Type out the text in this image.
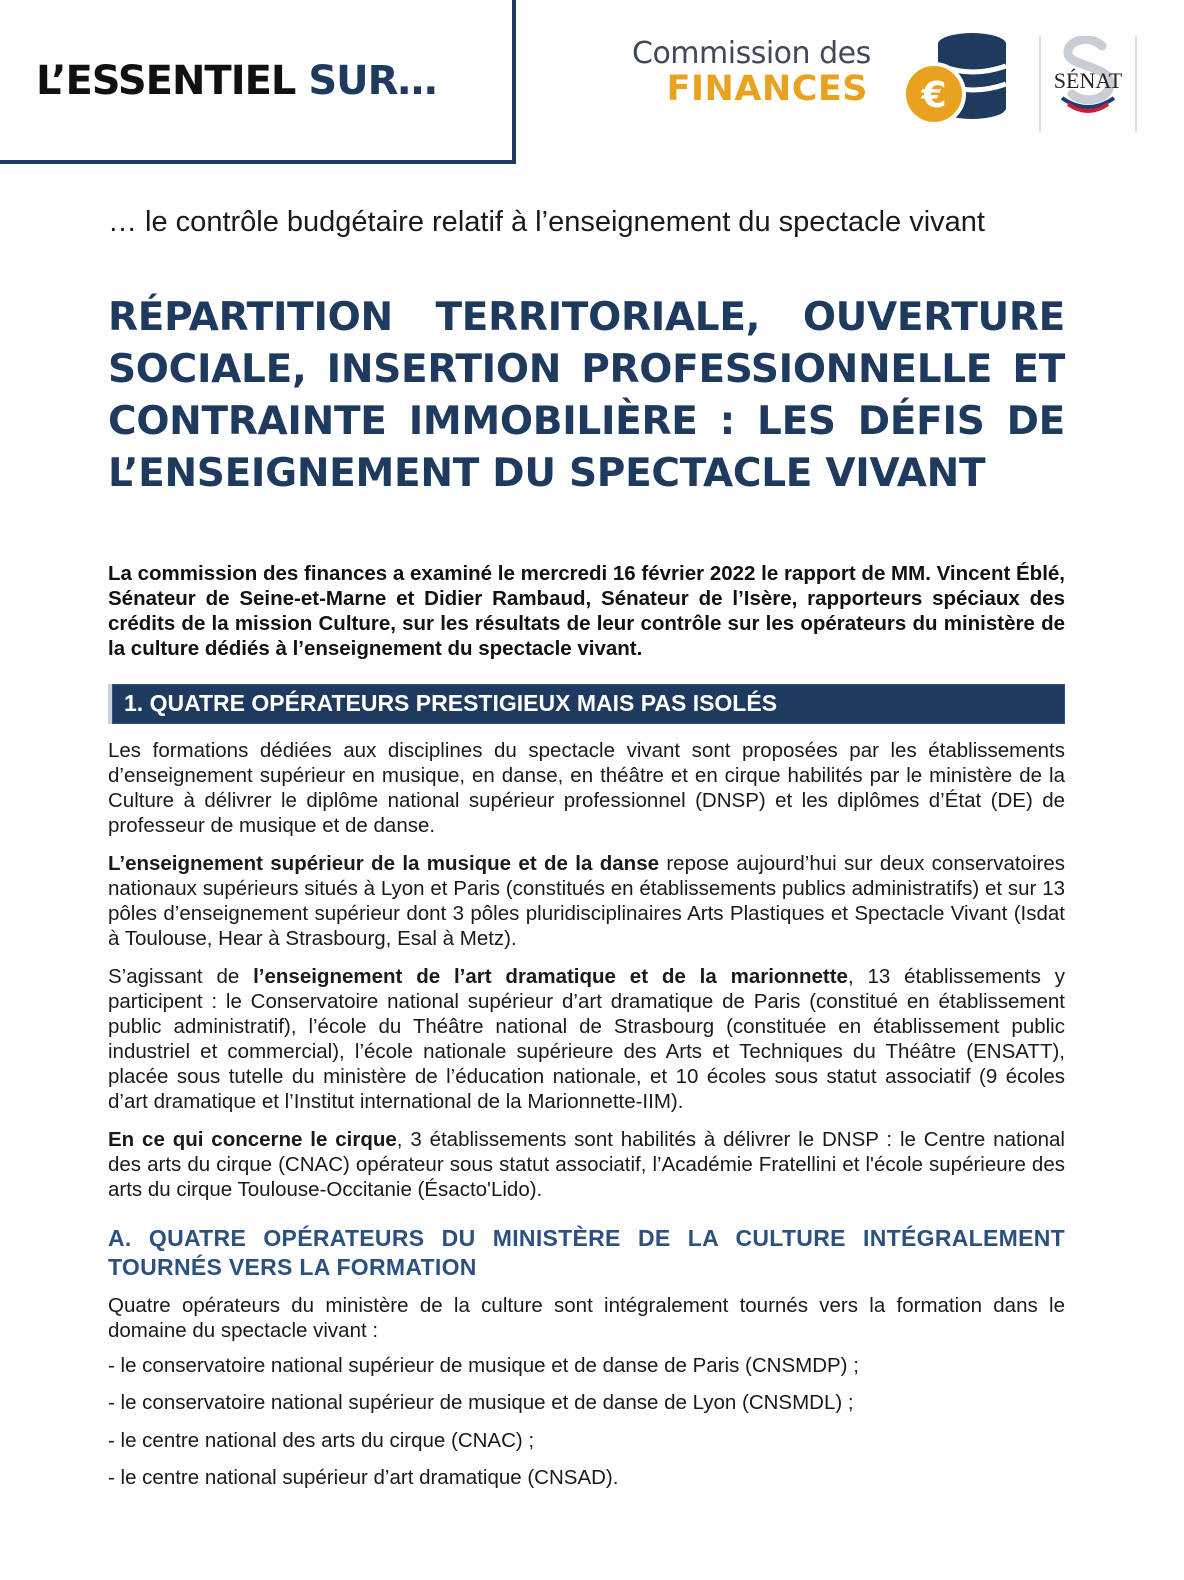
L’ESSENTIEL SUR…
Commission des
FINANCES €	SÉNAT
… le contrôle budgétaire relatif à l’enseignement du spectacle vivant
RÉPARTITION TERRITORIALE, OUVERTURE SOCIALE, INSERTION PROFESSIONNELLE ET CONTRAINTE IMMOBILIÈRE : LES DÉFIS DE L’ENSEIGNEMENT DU SPECTACLE VIVANT
La commission des finances a examiné le mercredi 16 février 2022 le rapport de MM. Vincent Éblé, Sénateur de Seine-et-Marne et Didier Rambaud, Sénateur de l’Isère, rapporteurs spéciaux des crédits de la mission Culture, sur les résultats de leur contrôle sur les opérateurs du ministère de la culture dédiés à l’enseignement du spectacle vivant.
1. QUATRE OPÉRATEURS PRESTIGIEUX MAIS PAS ISOLÉS
Les formations dédiées aux disciplines du spectacle vivant sont proposées par les établissements d’enseignement supérieur en musique, en danse, en théâtre et en cirque habilités par le ministère de la Culture à délivrer le diplôme national supérieur professionnel (DNSP) et les diplômes d’État (DE) de professeur de musique et de danse.
L’enseignement supérieur de la musique et de la danse repose aujourd’hui sur deux conservatoires nationaux supérieurs situés à Lyon et Paris (constitués en établissements publics administratifs) et sur 13 pôles d’enseignement supérieur dont 3 pôles pluridisciplinaires Arts Plastiques et Spectacle Vivant (Isdat à Toulouse, Hear à Strasbourg, Esal à Metz).
S’agissant de l’enseignement de l’art dramatique et de la marionnette, 13 établissements y participent : le Conservatoire national supérieur d’art dramatique de Paris (constitué en établissement public administratif), l’école du Théâtre national de Strasbourg (constituée en établissement public industriel et commercial), l’école nationale supérieure des Arts et Techniques du Théâtre (ENSATT), placée sous tutelle du ministère de l’éducation nationale, et 10 écoles sous statut associatif (9 écoles d’art dramatique et l’Institut international de la Marionnette-IIM).
En ce qui concerne le cirque, 3 établissements sont habilités à délivrer le DNSP : le Centre national des arts du cirque (CNAC) opérateur sous statut associatif, l’Académie Fratellini et l'école supérieure des arts du cirque Toulouse-Occitanie (Ésacto'Lido).
A. QUATRE OPÉRATEURS DU MINISTÈRE DE LA CULTURE INTÉGRALEMENT TOURNÉS VERS LA FORMATION
Quatre opérateurs du ministère de la culture sont intégralement tournés vers la formation dans le domaine du spectacle vivant :
- le conservatoire national supérieur de musique et de danse de Paris (CNSMDP) ;
- le conservatoire national supérieur de musique et de danse de Lyon (CNSMDL) ;
- le centre national des arts du cirque (CNAC) ;
- le centre national supérieur d’art dramatique (CNSAD).
